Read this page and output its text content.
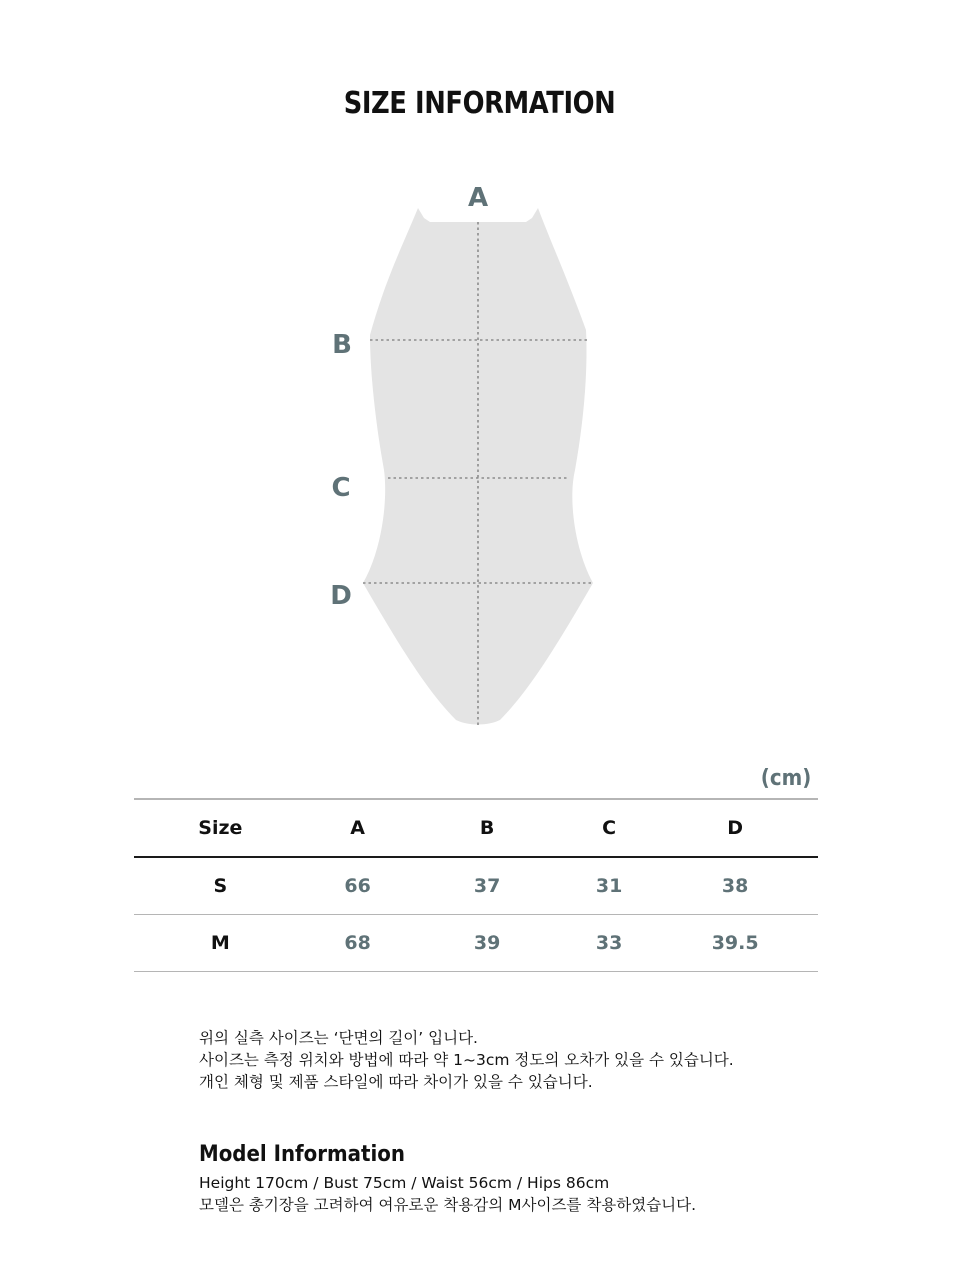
SIZE INFORMATION
A
B
C
D
(cm)
Size	A	B	C	D
S	66	37	31	38
M	68	39	33	39.5
위의 실측 사이즈는 ‘단면의 길이’ 입니다.
사이즈는 측정 위치와 방법에 따라 약 1~3cm 정도의 오차가 있을 수 있습니다.
개인 체형 및 제품 스타일에 따라 차이가 있을 수 있습니다.
Model Information
Height 170cm / Bust 75cm / Waist 56cm / Hips 86cm
모델은 총기장을 고려하여 여유로운 착용감의 M사이즈를 착용하였습니다.
